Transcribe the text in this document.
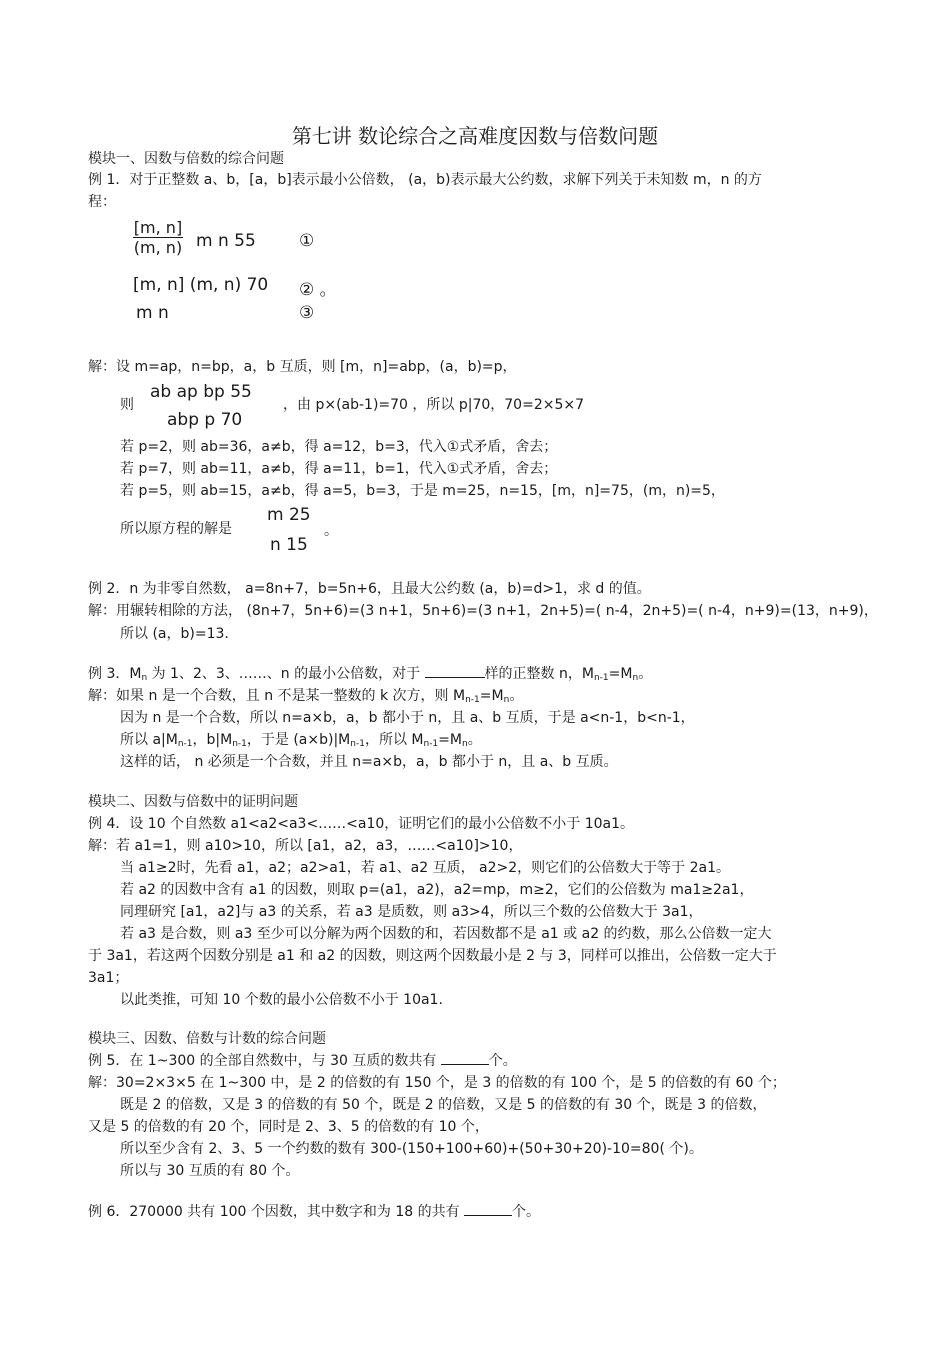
第七讲 数论综合之高难度因数与倍数问题
模块一、因数与倍数的综合问题
例 1．对于正整数 a、b，[a，b]表示最小公倍数， (a，b)表示最大公约数，求解下列关于未知数 m，n 的方
程：
$\frac{[m, n]}{(m, n)}$ m n 55	①
[m, n] (m, n) 70 ② 。
m n	③
解：设 m=ap，n=bp，a，b 互质，则 [m，n]=abp，(a，b)=p，
则
ab ap bp 55
abp p 70
，由 p×(ab-1)=70 ，所以 p|70，70=2×5×7
若 p=2，则 ab=36，a≠b，得 a=12，b=3，代入①式矛盾，舍去；
若 p=7，则 ab=11，a≠b，得 a=11，b=1，代入①式矛盾，舍去；
若 p=5，则 ab=15，a≠b，得 a=5，b=3，于是 m=25，n=15，[m，n]=75，(m，n)=5，
所以原方程的解是
m 25
n 15
。
例 2．n 为非零自然数， a=8n+7，b=5n+6，且最大公约数 (a，b)=d>1，求 d 的值。
解：用辗转相除的方法， (8n+7，5n+6)=(3 n+1，5n+6)=(3 n+1，2n+5)=( n-4，2n+5)=( n-4，n+9)=(13，n+9)，
所以 (a，b)=13.
例 3．$M_n$ 为 1、2、3、……、n 的最小公倍数，对于	样的正整数 n，$M_{n-1}=M_n$。
解：如果 n 是一个合数，且 n 不是某一整数的 k 次方，则 $M_{n-1}=M_n$。
因为 n 是一个合数，所以 n=a×b，a，b 都小于 n，且 a、b 互质，于是 a<n-1，b<n-1，
所以 $a|M_{n-1}$，$b|M_{n-1}$，于是 $(a\times b)|M_{n-1}$，所以 $M_{n-1}=M_n$。
这样的话， n 必须是一个合数，并且 n=a×b，a，b 都小于 n，且 a、b 互质。
模块二、因数与倍数中的证明问题
例 4．设 10 个自然数 a1<a2<a3<……<a10，证明它们的最小公倍数不小于 10a1。
解：若 a1=1，则 a10>10，所以 [a1，a2，a3，……<a10]>10，
当 a1≥2时，先看 a1，a2；a2>a1，若 a1、a2 互质， a2>2，则它们的公倍数大于等于 2a1。
若 a2 的因数中含有 a1 的因数，则取 p=(a1，a2)，a2=mp，m≥2，它们的公倍数为 ma1≥2a1，
同理研究 [a1，a2]与 a3 的关系，若 a3 是质数，则 a3>4，所以三个数的公倍数大于 3a1，
若 a3 是合数，则 a3 至少可以分解为两个因数的和，若因数都不是 a1 或 a2 的约数，那么公倍数一定大
于 3a1，若这两个因数分别是 a1 和 a2 的因数，则这两个因数最小是 2 与 3，同样可以推出，公倍数一定大于
3a1；
以此类推，可知 10 个数的最小公倍数不小于 10a1.
模块三、因数、倍数与计数的综合问题
例 5．在 1~300 的全部自然数中，与 30 互质的数共有	个。
解：30=2×3×5 在 1~300 中，是 2 的倍数的有 150 个，是 3 的倍数的有 100 个，是 5 的倍数的有 60 个；
既是 2 的倍数，又是 3 的倍数的有 50 个，既是 2 的倍数，又是 5 的倍数的有 30 个，既是 3 的倍数，
又是 5 的倍数的有 20 个，同时是 2、3、5 的倍数的有 10 个，
所以至少含有 2、3、5 一个约数的数有 300-(150+100+60)+(50+30+20)-10=80( 个)。
所以与 30 互质的有 80 个。
例 6．270000 共有 100 个因数，其中数字和为 18 的共有	个。
